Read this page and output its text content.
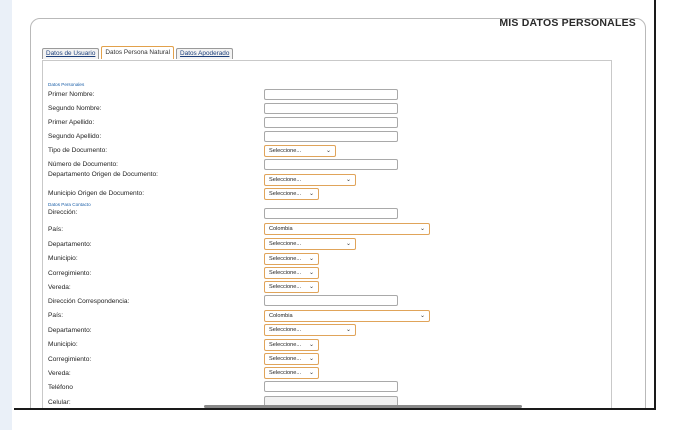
MIS DATOS PERSONALES
Datos de Usuario	Datos Persona Natural	Datos Apoderado
Datos Personales
Primer Nombre:
Segundo Nombre:
Primer Apellido:
Segundo Apellido:
Tipo de Documento:	Seleccione...	⌄
Número de Documento:
Departamento Origen de Documento:
Seleccione...	⌄
Municipio Origen de Documento:	Seleccione... ⌄
Datos Para Contacto
Dirección:
País:	Colombia	⌄
Departamento:	Seleccione...	⌄
Municipio:	Seleccione... ⌄
Corregimiento:	Seleccione... ⌄
Vereda:	Seleccione... ⌄
Dirección Correspondencia:
País:	Colombia	⌄
Departamento:	Seleccione...	⌄
Municipio:	Seleccione... ⌄
Corregimiento:	Seleccione... ⌄
Vereda:	Seleccione... ⌄
Teléfono
Celular:
